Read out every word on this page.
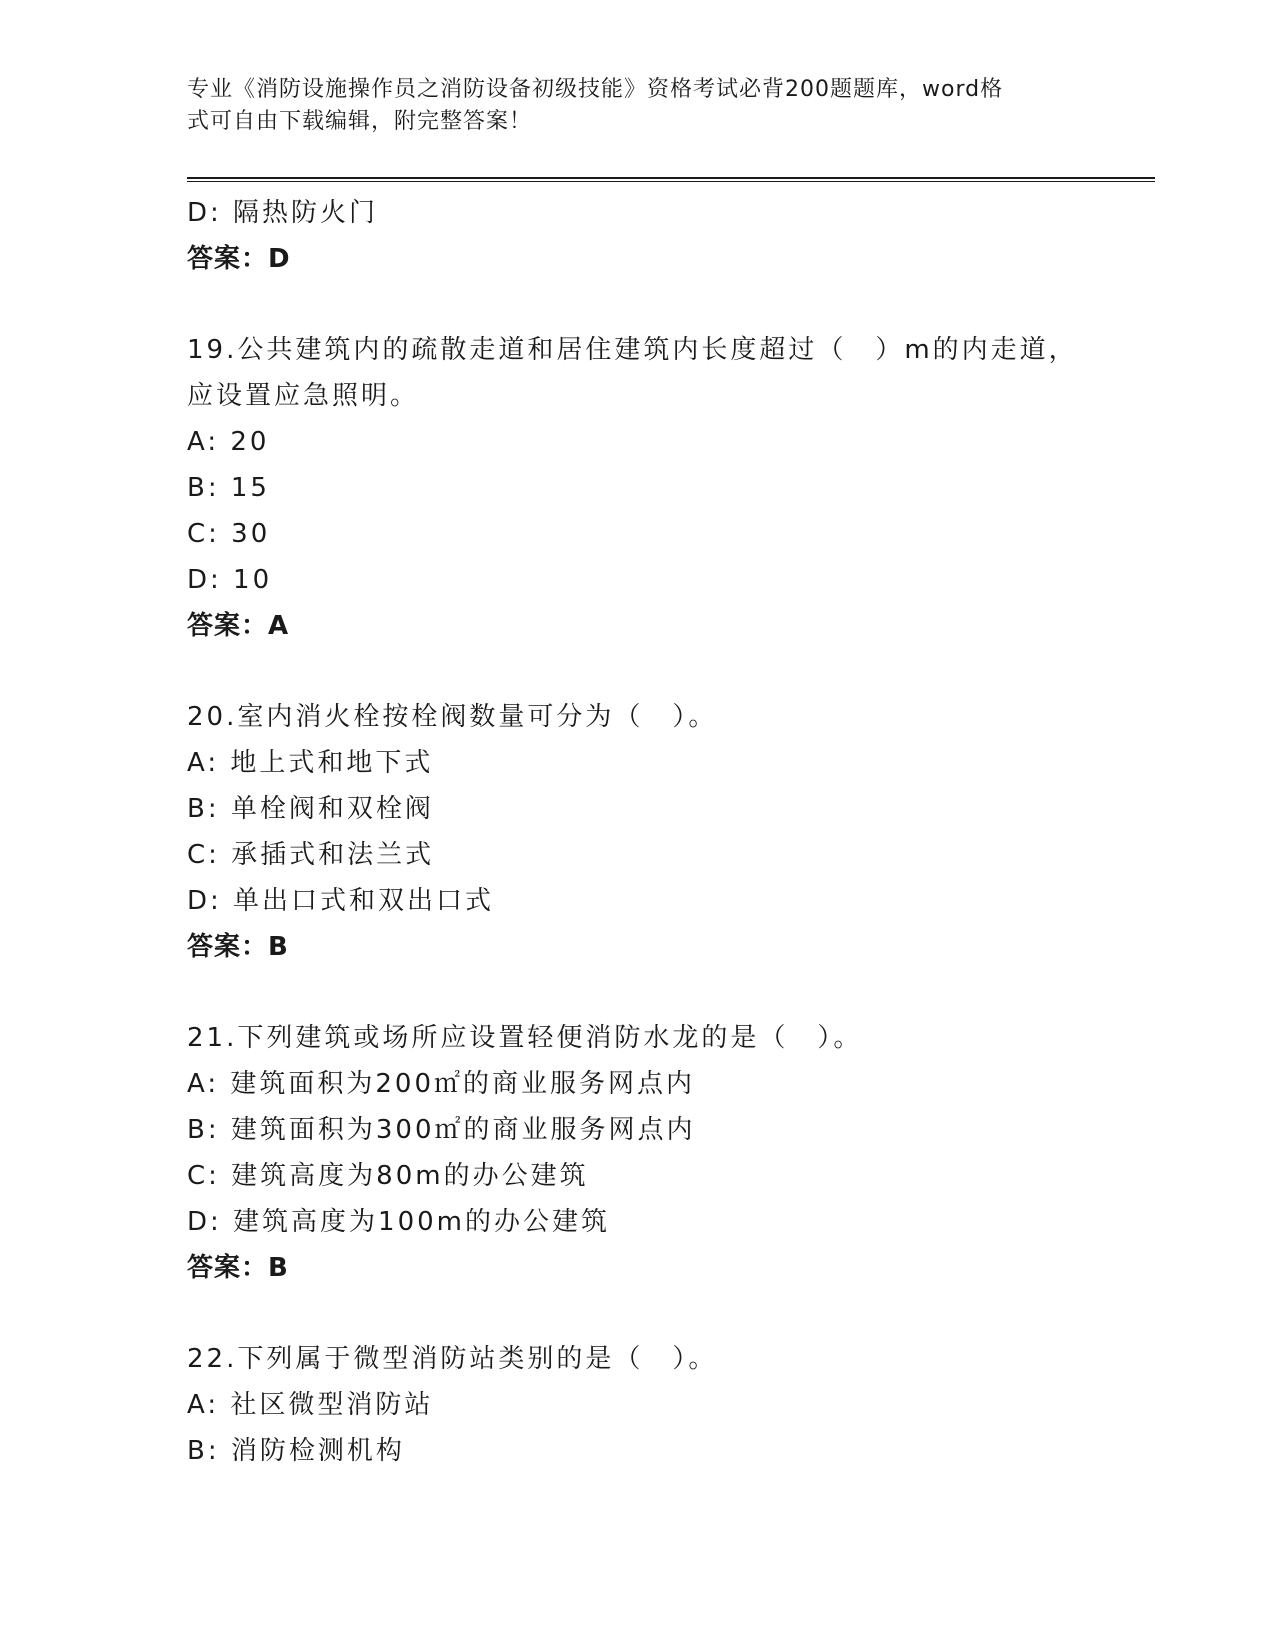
专业《消防设施操作员之消防设备初级技能》资格考试必背200题题库，word格

式可自由下载编辑，附完整答案！

D: 隔热防火门
答案：D
19.公共建筑内的疏散走道和居住建筑内长度超过（　）m的内走道，
应设置应急照明。
A: 20
B: 15
C: 30
D: 10
答案：A
20.室内消火栓按栓阀数量可分为（　）。
A: 地上式和地下式
B: 单栓阀和双栓阀
C: 承插式和法兰式
D: 单出口式和双出口式
答案：B
21.下列建筑或场所应设置轻便消防水龙的是（　）。
A: 建筑面积为200㎡的商业服务网点内
B: 建筑面积为300㎡的商业服务网点内
C: 建筑高度为80m的办公建筑
D: 建筑高度为100m的办公建筑
答案：B
22.下列属于微型消防站类别的是（　）。
A: 社区微型消防站
B: 消防检测机构
